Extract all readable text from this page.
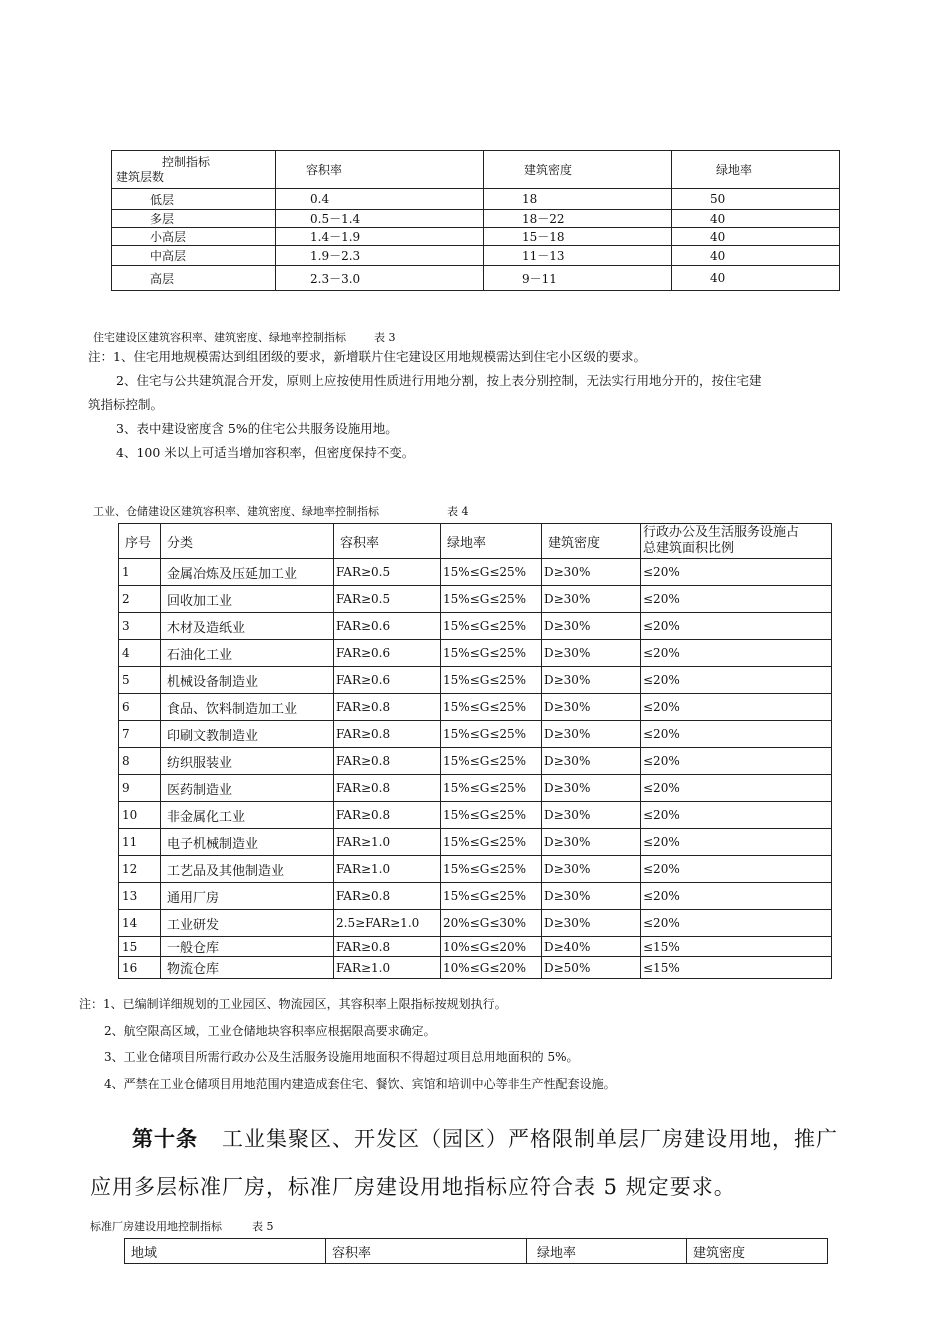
控制指标
建筑层数	容积率	建筑密度	绿地率
低层	0.4	18	50
多层	0.5－1.4	18－22	40
小高层	1.4－1.9	15－18	40
中高层	1.9－2.3	11－13	40
高层	2.3－3.0	9－11	40
住宅建设区建筑容积率、建筑密度、绿地率控制指标	表 3
注：1、住宅用地规模需达到组团级的要求，新增联片住宅建设区用地规模需达到住宅小区级的要求。
2、住宅与公共建筑混合开发，原则上应按使用性质进行用地分割，按上表分别控制，无法实行用地分开的，按住宅建
筑指标控制。
3、表中建设密度含 5%的住宅公共服务设施用地。
4、100 米以上可适当增加容积率，但密度保持不变。
工业、仓储建设区建筑容积率、建筑密度、绿地率控制指标	表 4
序号	分类	容积率	绿地率	建筑密度	行政办公及生活服务设施占
总建筑面积比例

1	金属冶炼及压延加工业	FAR≥0.5	15%≤G≤25%	D≥30%	≤20%
2	回收加工业	FAR≥0.5	15%≤G≤25%	D≥30%	≤20%
3	木材及造纸业	FAR≥0.6	15%≤G≤25%	D≥30%	≤20%
4	石油化工业	FAR≥0.6	15%≤G≤25%	D≥30%	≤20%
5	机械设备制造业	FAR≥0.6	15%≤G≤25%	D≥30%	≤20%
6	食品、饮料制造加工业	FAR≥0.8	15%≤G≤25%	D≥30%	≤20%
7	印刷文教制造业	FAR≥0.8	15%≤G≤25%	D≥30%	≤20%
8	纺织服装业	FAR≥0.8	15%≤G≤25%	D≥30%	≤20%
9	医药制造业	FAR≥0.8	15%≤G≤25%	D≥30%	≤20%
10	非金属化工业	FAR≥0.8	15%≤G≤25%	D≥30%	≤20%
11	电子机械制造业	FAR≥1.0	15%≤G≤25%	D≥30%	≤20%
12	工艺品及其他制造业	FAR≥1.0	15%≤G≤25%	D≥30%	≤20%
13	通用厂房	FAR≥0.8	15%≤G≤25%	D≥30%	≤20%
14	工业研发	2.5≥FAR≥1.0	20%≤G≤30%	D≥30%	≤20%
15	一般仓库	FAR≥0.8	10%≤G≤20%	D≥40%	≤15%
16	物流仓库	FAR≥1.0	10%≤G≤20%	D≥50%	≤15%
注：1、已编制详细规划的工业园区、物流园区，其容积率上限指标按规划执行。
2、航空限高区域，工业仓储地块容积率应根据限高要求确定。
3、工业仓储项目所需行政办公及生活服务设施用地面积不得超过项目总用地面积的 5%。
4、严禁在工业仓储项目用地范围内建造成套住宅、餐饮、宾馆和培训中心等非生产性配套设施。
第十条 工业集聚区、开发区（园区）严格限制单层厂房建设用地，推广
应用多层标准厂房，标准厂房建设用地指标应符合表 5 规定要求。
标准厂房建设用地控制指标	表 5
地域	容积率	绿地率	建筑密度
